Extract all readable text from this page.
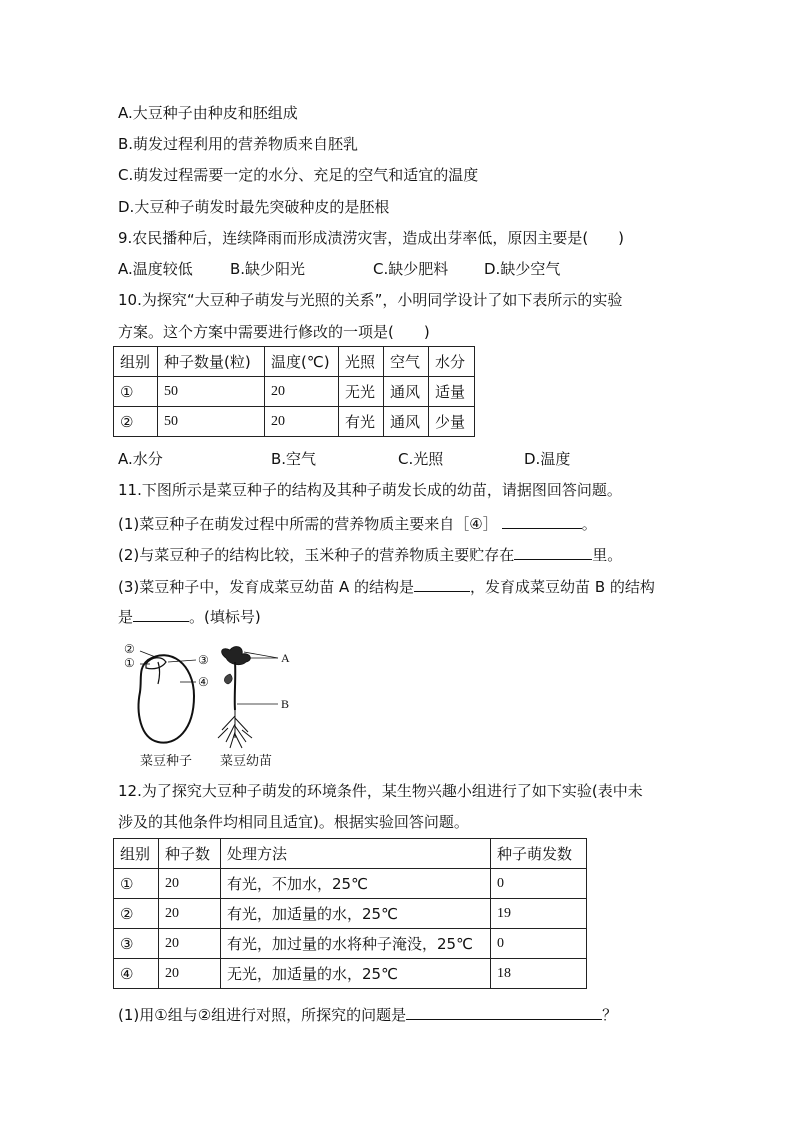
A.大豆种子由种皮和胚组成
B.萌发过程利用的营养物质来自胚乳
C.萌发过程需要一定的水分、充足的空气和适宜的温度
D.大豆种子萌发时最先突破种皮的是胚根
9.农民播种后，连续降雨而形成渍涝灾害，造成出芽率低，原因主要是(　　)
A.温度较低 B.缺少阳光	C.缺少肥料 D.缺少空气
10.为探究“大豆种子萌发与光照的关系”，小明同学设计了如下表所示的实验
方案。这个方案中需要进行修改的一项是(　　)
组别	种子数量(粒)	温度(℃)	光照	空气	水分
①	50	20	无光	通风	适量
②	50	20	有光	通风	少量
A.水分	B.空气	C.光照	D.温度
11.下图所示是菜豆种子的结构及其种子萌发长成的幼苗，请据图回答问题。
(1)菜豆种子在萌发过程中所需的营养物质主要来自［④］	。
(2)与菜豆种子的结构比较，玉米种子的营养物质主要贮存在	里。
(3)菜豆种子中，发育成菜豆幼苗 A 的结构是	，发育成菜豆幼苗 B 的结构
是	。(填标号)
②
①	③
④
A
B
菜豆种子 菜豆幼苗
12.为了探究大豆种子萌发的环境条件，某生物兴趣小组进行了如下实验(表中未
涉及的其他条件均相同且适宜)。根据实验回答问题。
组别	种子数	处理方法	种子萌发数
①	20	有光，不加水，25℃	0
②	20	有光，加适量的水，25℃	19
③	20	有光，加过量的水将种子淹没，25℃	0
④	20	无光，加适量的水，25℃	18
(1)用①组与②组进行对照，所探究的问题是	？
